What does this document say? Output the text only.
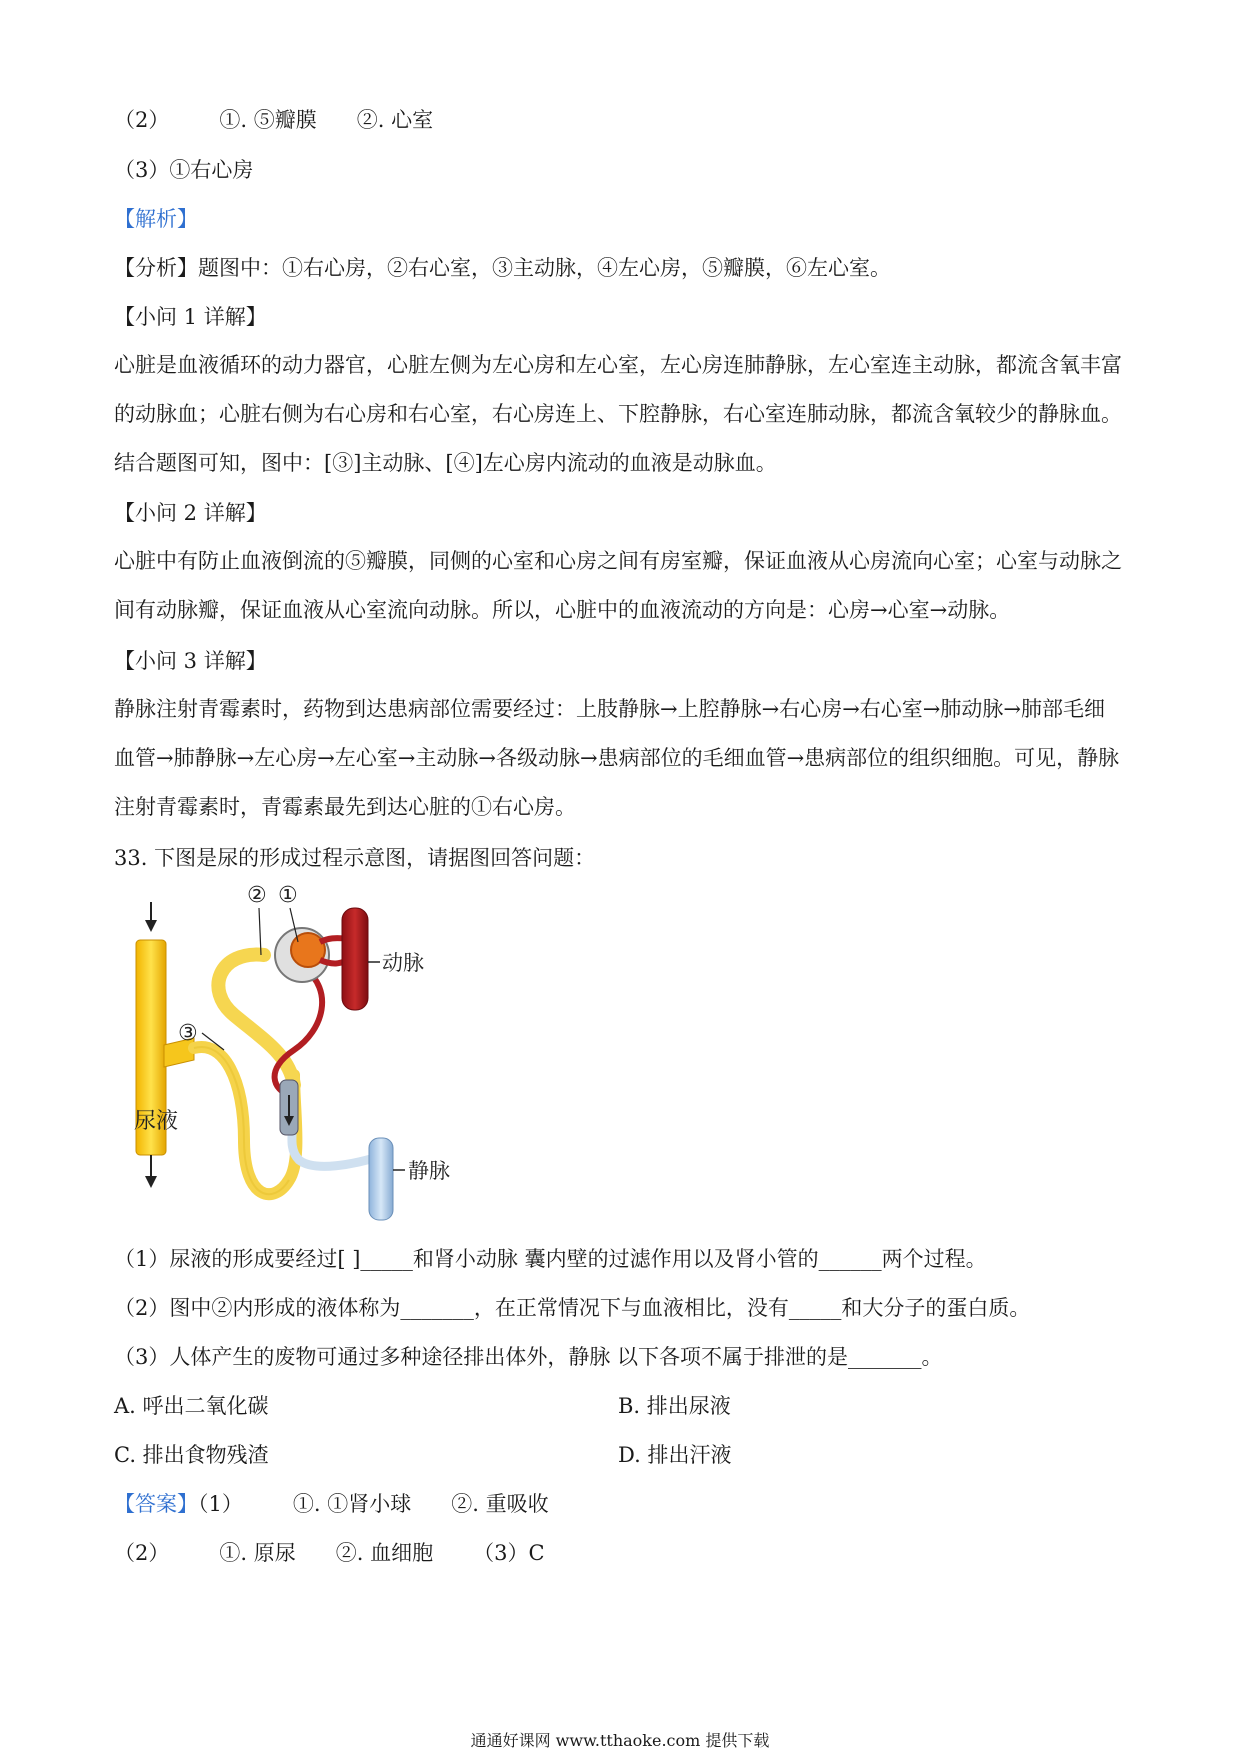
（2） ①. ⑤瓣膜 ②. 心室
（3）①右心房
【解析】
【分析】题图中：①右心房，②右心室，③主动脉，④左心房，⑤瓣膜，⑥左心室。
【小问 1 详解】
心脏是血液循环的动力器官，心脏左侧为左心房和左心室，左心房连肺静脉，左心室连主动脉，都流含氧丰富的动脉血；心脏右侧为右心房和右心室，右心房连上、下腔静脉，右心室连肺动脉，都流含氧较少的静脉血。结合题图可知，图中：[③]主动脉、[④]左心房内流动的血液是动脉血。
【小问 2 详解】
心脏中有防止血液倒流的⑤瓣膜，同侧的心室和心房之间有房室瓣，保证血液从心房流向心室；心室与动脉之间有动脉瓣，保证血液从心室流向动脉。所以，心脏中的血液流动的方向是：心房→心室→动脉。
【小问 3 详解】
静脉注射青霉素时，药物到达患病部位需要经过：上肢静脉→上腔静脉→右心房→右心室→肺动脉→肺部毛细血管→肺静脉→左心房→左心室→主动脉→各级动脉→患病部位的毛细血管→患病部位的组织细胞。可见，静脉注射青霉素时，青霉素最先到达心脏的①右心房。
33. 下图是尿的形成过程示意图，请据图回答问题：
动脉
静脉
② ①
③
尿液
（1）尿液的形成要经过[ ]_____和肾小动脉 囊内壁的过滤作用以及肾小管的______两个过程。
（2）图中②内形成的液体称为_______，在正常情况下与血液相比，没有_____和大分子的蛋白质。
（3）人体产生的废物可通过多种途径排出体外，静脉 以下各项不属于排泄的是_______。
A. 呼出二氧化碳	B. 排出尿液
C. 排出食物残渣	D. 排出汗液
【答案】（1） ①. ①肾小球 ②. 重吸收
（2） ①. 原尿 ②. 血细胞 （3）C
通通好课网 www.tthaoke.com 提供下载
